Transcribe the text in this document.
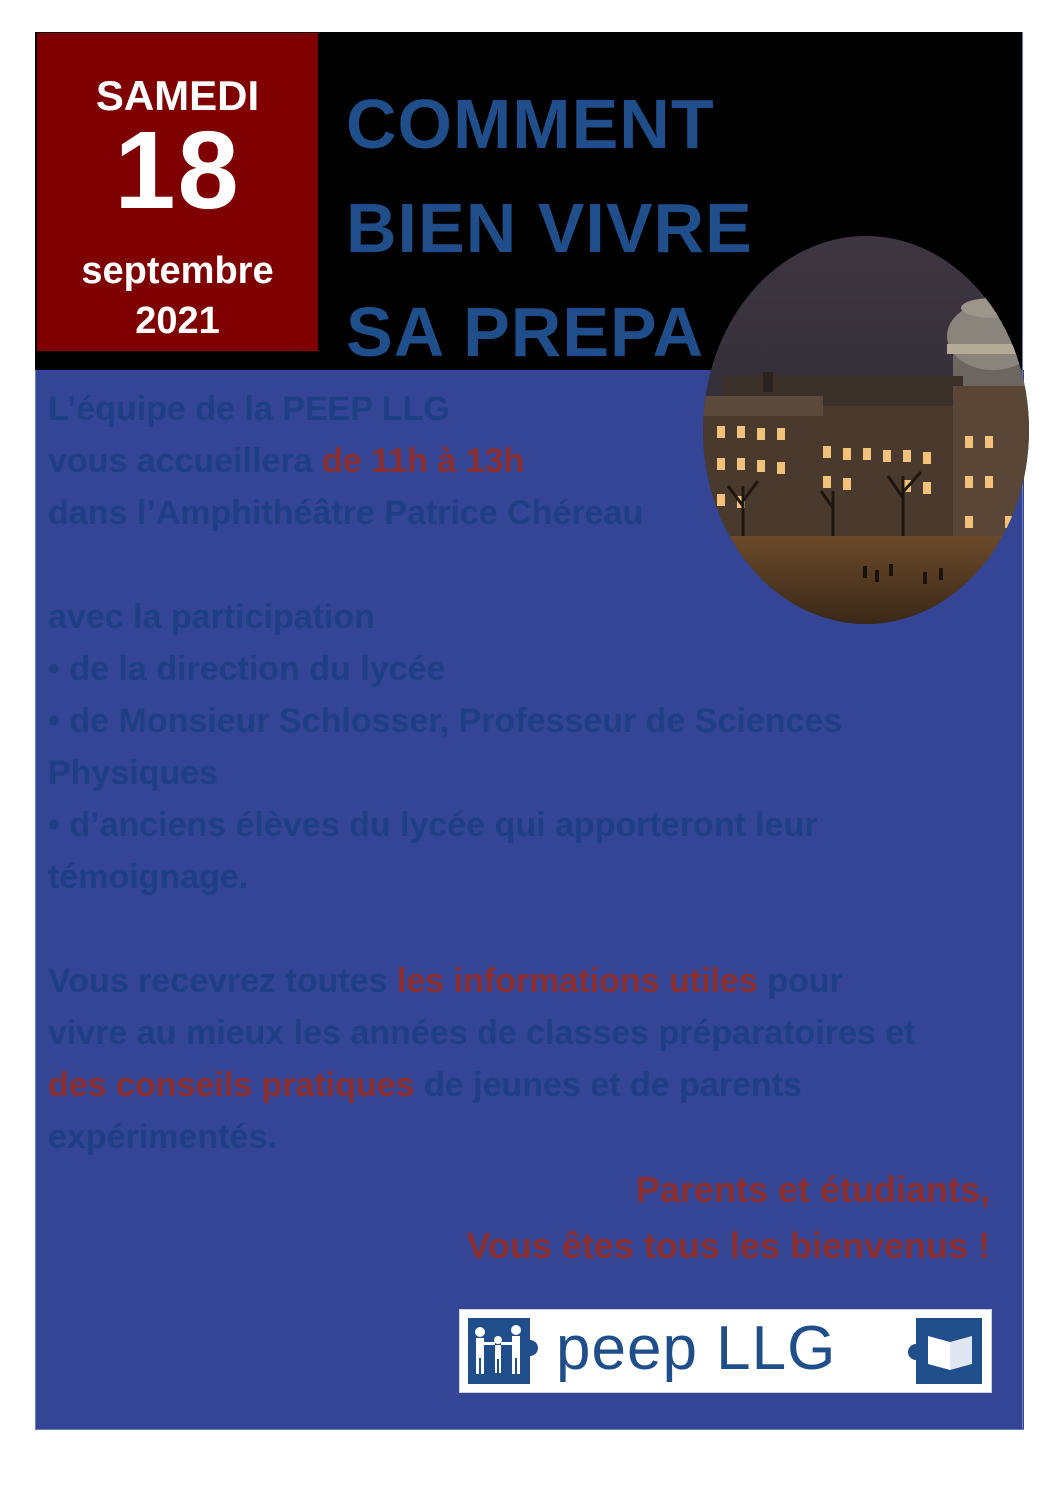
SAMEDI
18
septembre
2021
COMMENT
BIEN VIVRE
SA PREPA
L’équipe de la PEEP LLG
vous accueillera de 11h à 13h
dans l’Amphithéâtre Patrice Chéreau
avec la participation
• de la direction du lycée
• de Monsieur Schlosser, Professeur de Sciences
Physiques
• d’anciens élèves du lycée qui apporteront leur
témoignage.
Vous recevrez toutes les informations utiles pour
vivre au mieux les années de classes préparatoires et
des conseils pratiques de jeunes et de parents
expérimentés.
Parents et étudiants,
Vous êtes tous les bienvenus !
peep LLG
